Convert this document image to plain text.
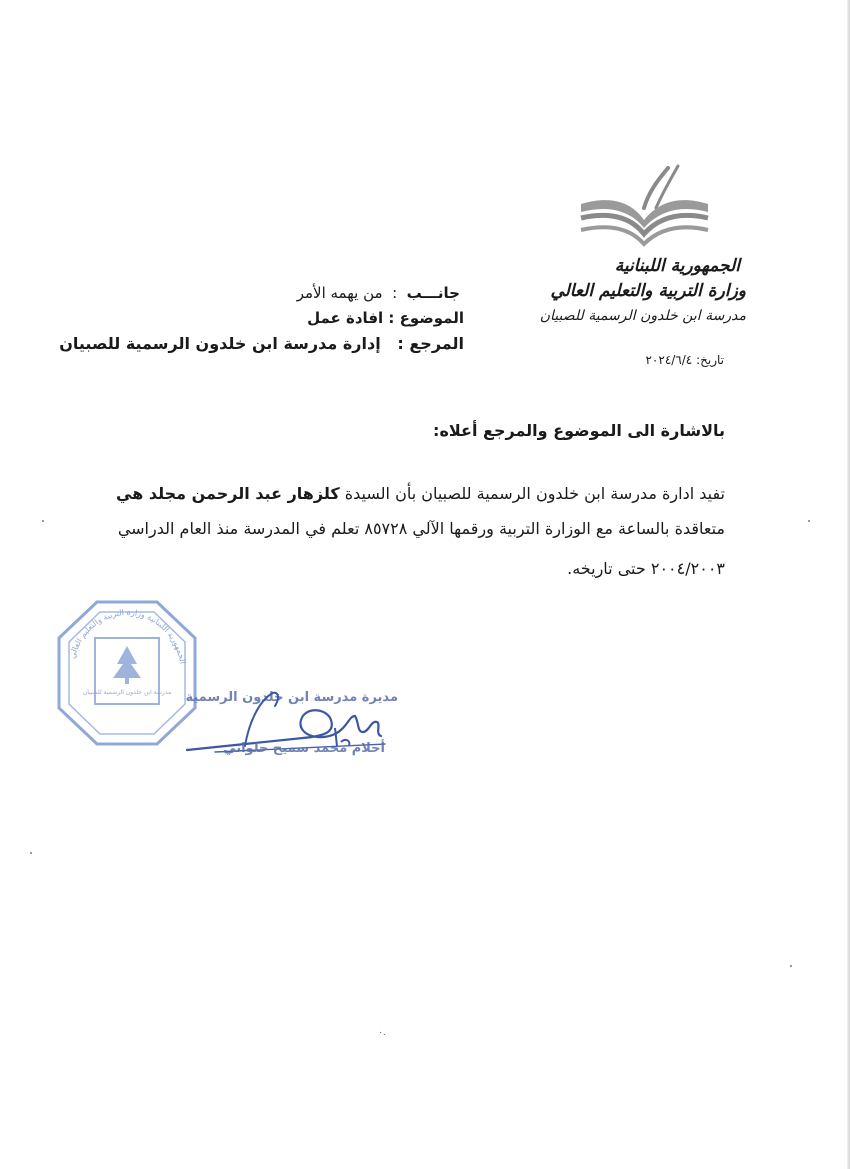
الجمهورية اللبنانية
وزارة التربية والتعليم العالي
مدرسة ابن خلدون الرسمية للصبيان
تاريخ: ٢٠٢٤/٦/٤
جانـــب
:  من يهمه الأمر
الموضوع
: افادة عمل
المرجع
:   إدارة مدرسة ابن خلدون الرسمية للصبيان
بالاشارة الى الموضوع والمرجع أعلاه:
تفيد ادارة مدرسة ابن خلدون الرسمية للصبيان بأن السيدة كلزهار عبد الرحمن مجلد هي
متعاقدة بالساعة مع الوزارة التربية ورقمها الآلي ٨٥٧٢٨ تعلم في المدرسة منذ العام الدراسي
٢٠٠٤/٢٠٠٣ حتى تاريخه.
مدرسة ابن خلدون الرسمية للصبيان
الجمهورية اللبنانية وزارة التربية والتعليم العالي
مديرة مدرسة ابن خلدون الرسمية
أحلام محمد سميح حلواني
٠.
